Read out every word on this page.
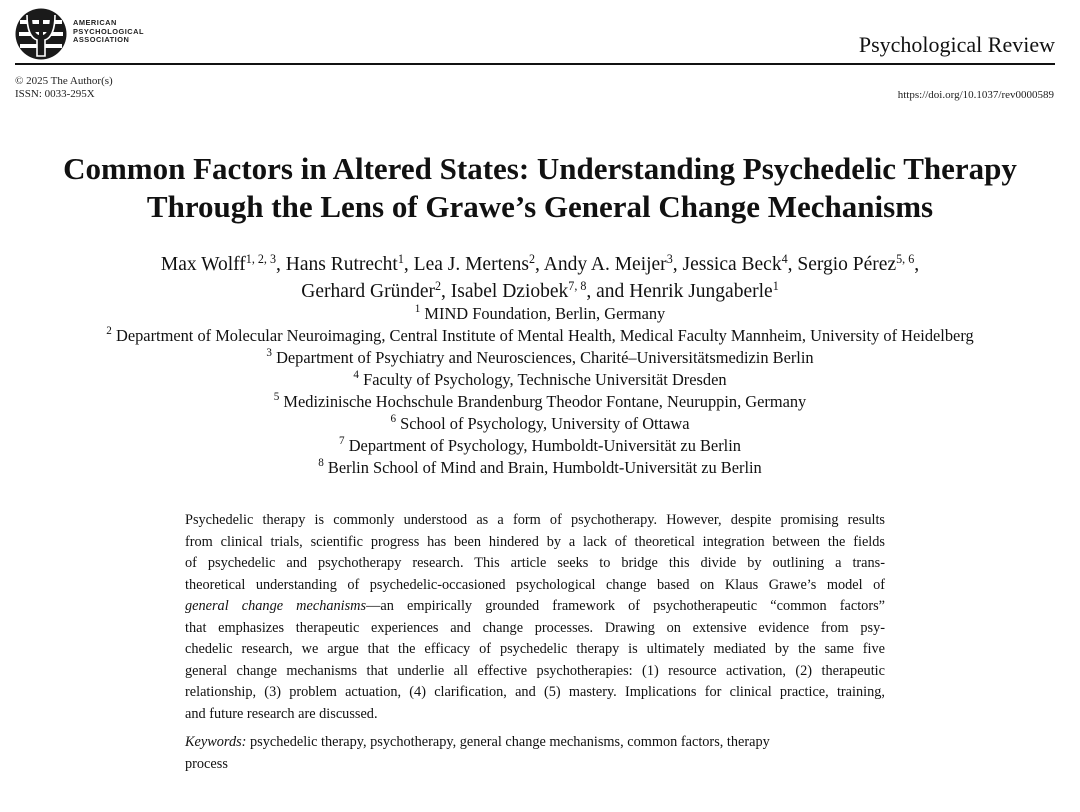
AMERICAN
PSYCHOLOGICAL
ASSOCIATION	Psychological Review
© 2025 The Author(s)
ISSN: 0033-295X	https://doi.org/10.1037/rev0000589
Common Factors in Altered States: Understanding Psychedelic Therapy
Through the Lens of Grawe’s General Change Mechanisms
Max Wolff$^{1, 2, 3}$, Hans Rutrecht$^1$, Lea J. Mertens$^2$, Andy A. Meijer$^3$, Jessica Beck$^4$, Sergio Pérez$^{5, 6}$,
Gerhard Gründer$^2$, Isabel Dziobek$^{7, 8}$, and Henrik Jungaberle$^1$
$^1$ MIND Foundation, Berlin, Germany
$^2$ Department of Molecular Neuroimaging, Central Institute of Mental Health, Medical Faculty Mannheim, University of Heidelberg
$^3$ Department of Psychiatry and Neurosciences, Charité–Universitätsmedizin Berlin
$^4$ Faculty of Psychology, Technische Universität Dresden
$^5$ Medizinische Hochschule Brandenburg Theodor Fontane, Neuruppin, Germany
$^6$ School of Psychology, University of Ottawa
$^7$ Department of Psychology, Humboldt-Universität zu Berlin
$^8$ Berlin School of Mind and Brain, Humboldt-Universität zu Berlin
Psychedelic therapy is commonly understood as a form of psychotherapy. However, despite promising results
from clinical trials, scientific progress has been hindered by a lack of theoretical integration between the fields
of psychedelic and psychotherapy research. This article seeks to bridge this divide by outlining a trans-
theoretical understanding of psychedelic-occasioned psychological change based on Klaus Grawe’s model of
general change mechanisms—an empirically grounded framework of psychotherapeutic “common factors”
that emphasizes therapeutic experiences and change processes. Drawing on extensive evidence from psy-
chedelic research, we argue that the efficacy of psychedelic therapy is ultimately mediated by the same five
general change mechanisms that underlie all effective psychotherapies: (1) resource activation, (2) therapeutic
relationship, (3) problem actuation, (4) clarification, and (5) mastery. Implications for clinical practice, training,
and future research are discussed.
Keywords: psychedelic therapy, psychotherapy, general change mechanisms, common factors, therapy
process
